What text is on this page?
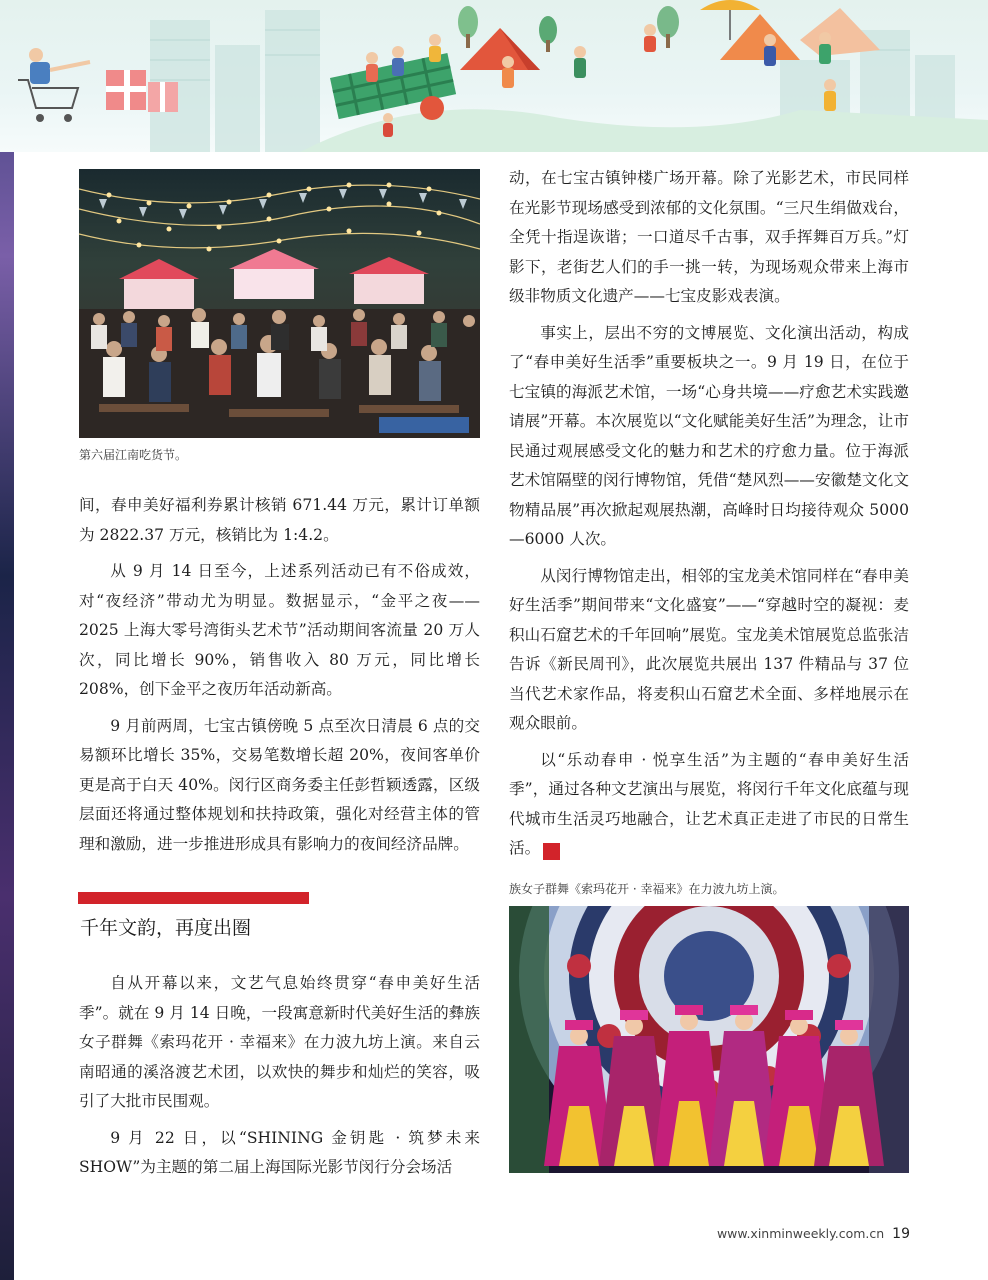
第六届江南吃货节。

间，春申美好福利券累计核销 671.44 万元，累计订单额为 2822.37 万元，核销比为 1:4.2。

从 9 月 14 日至今，上述系列活动已有不俗成效，对“夜经济”带动尤为明显。数据显示，“金平之夜——2025 上海大零号湾街头艺术节”活动期间客流量 20 万人次，同比增长 90%，销售收入 80 万元，同比增长 208%，创下金平之夜历年活动新高。

9 月前两周，七宝古镇傍晚 5 点至次日清晨 6 点的交易额环比增长 35%，交易笔数增长超 20%，夜间客单价更是高于白天 40%。闵行区商务委主任彭哲颖透露，区级层面还将通过整体规划和扶持政策，强化对经营主体的管理和激励，进一步推进形成具有影响力的夜间经济品牌。

千年文韵，再度出圈

自从开幕以来，文艺气息始终贯穿“春申美好生活季”。就在 9 月 14 日晚，一段寓意新时代美好生活的彝族女子群舞《索玛花开 · 幸福来》在力波九坊上演。来自云南昭通的溪洛渡艺术团，以欢快的舞步和灿烂的笑容，吸引了大批市民围观。

9 月 22 日，以“SHINING 金钥匙 · 筑梦未来 SHOW”为主题的第二届上海国际光影节闵行分会场活

动，在七宝古镇钟楼广场开幕。除了光影艺术，市民同样在光影节现场感受到浓郁的文化氛围。“三尺生绢做戏台，全凭十指逞诙谐；一口道尽千古事，双手挥舞百万兵。”灯影下，老街艺人们的手一挑一转，为现场观众带来上海市级非物质文化遗产——七宝皮影戏表演。

事实上，层出不穷的文博展览、文化演出活动，构成了“春申美好生活季”重要板块之一。9 月 19 日，在位于七宝镇的海派艺术馆，一场“心身共境——疗愈艺术实践邀请展”开幕。本次展览以“文化赋能美好生活”为理念，让市民通过观展感受文化的魅力和艺术的疗愈力量。位于海派艺术馆隔壁的闵行博物馆，凭借“楚风烈——安徽楚文化文物精品展”再次掀起观展热潮，高峰时日均接待观众 5000—6000 人次。

从闵行博物馆走出，相邻的宝龙美术馆同样在“春申美好生活季”期间带来“文化盛宴”——“穿越时空的凝视：麦积山石窟艺术的千年回响”展览。宝龙美术馆展览总监张洁告诉《新民周刊》，此次展览共展出 137 件精品与 37 位当代艺术家作品，将麦积山石窟艺术全面、多样地展示在观众眼前。

以“乐动春申 · 悦享生活”为主题的“春申美好生活季”，通过各种文艺演出与展览，将闵行千年文化底蕴与现代城市生活灵巧地融合，让艺术真正走进了市民的日常生活。	民

族女子群舞《索玛花开 · 幸福来》在力波九坊上演。
www.xinminweekly.com.cn 19
